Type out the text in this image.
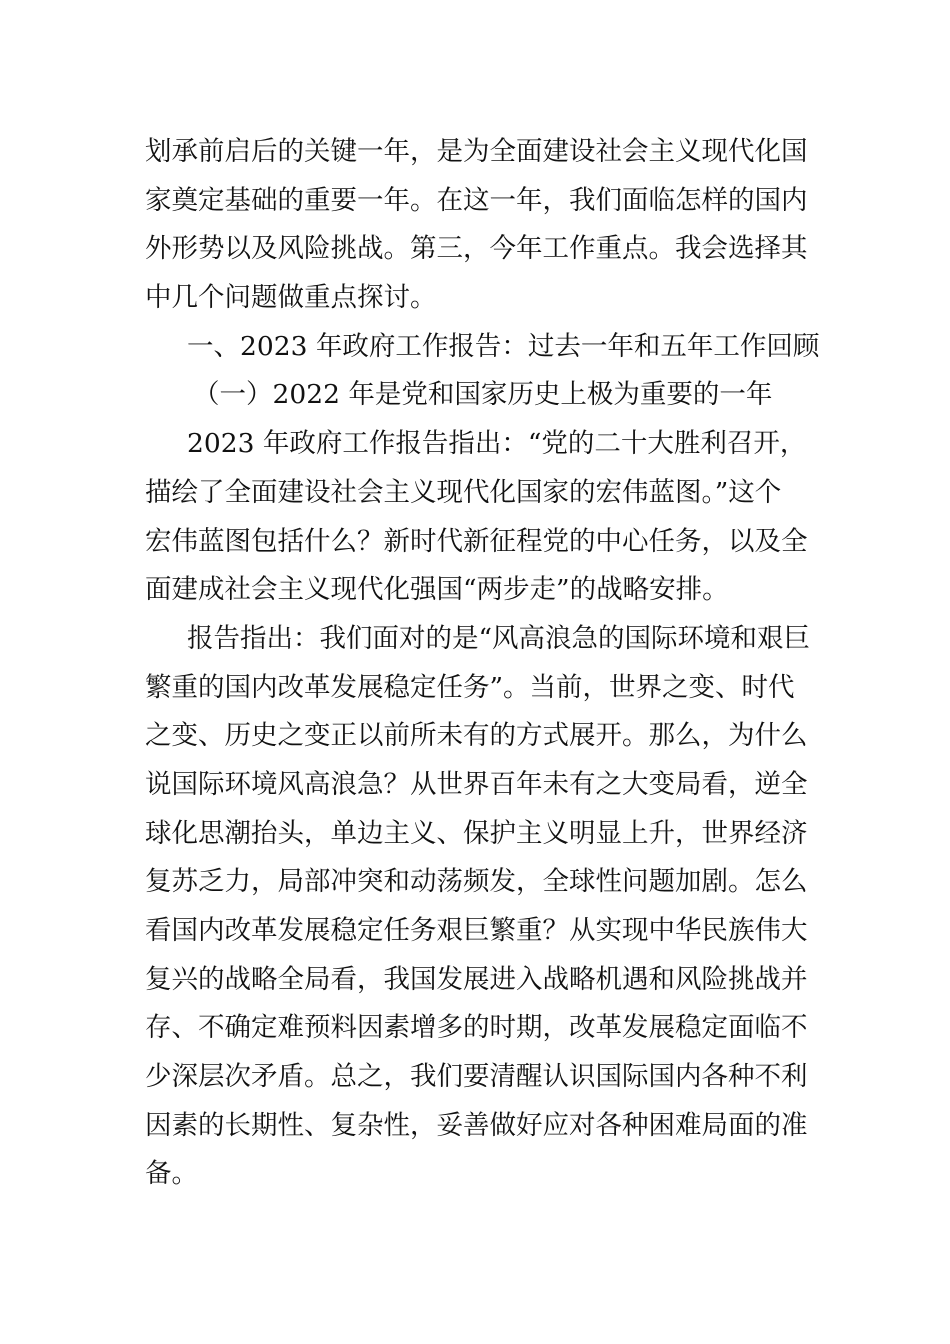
划承前启后的关键一年，是为全面建设社会主义现代化国
家奠定基础的重要一年。在这一年，我们面临怎样的国内
外形势以及风险挑战。第三，今年工作重点。我会选择其
中几个问题做重点探讨。
一、2023 年政府工作报告：过去一年和五年工作回顾
（一）2022 年是党和国家历史上极为重要的一年
2023 年政府工作报告指出：“党的二十大胜利召开，
描绘了全面建设社会主义现代化国家的宏伟蓝图。”这个
宏伟蓝图包括什么？新时代新征程党的中心任务，以及全
面建成社会主义现代化强国“两步走”的战略安排。
报告指出：我们面对的是“风高浪急的国际环境和艰巨
繁重的国内改革发展稳定任务”。当前，世界之变、时代
之变、历史之变正以前所未有的方式展开。那么，为什么
说国际环境风高浪急？从世界百年未有之大变局看，逆全
球化思潮抬头，单边主义、保护主义明显上升，世界经济
复苏乏力，局部冲突和动荡频发，全球性问题加剧。怎么
看国内改革发展稳定任务艰巨繁重？从实现中华民族伟大
复兴的战略全局看，我国发展进入战略机遇和风险挑战并
存、不确定难预料因素增多的时期，改革发展稳定面临不
少深层次矛盾。总之，我们要清醒认识国际国内各种不利
因素的长期性、复杂性，妥善做好应对各种困难局面的准
备。
